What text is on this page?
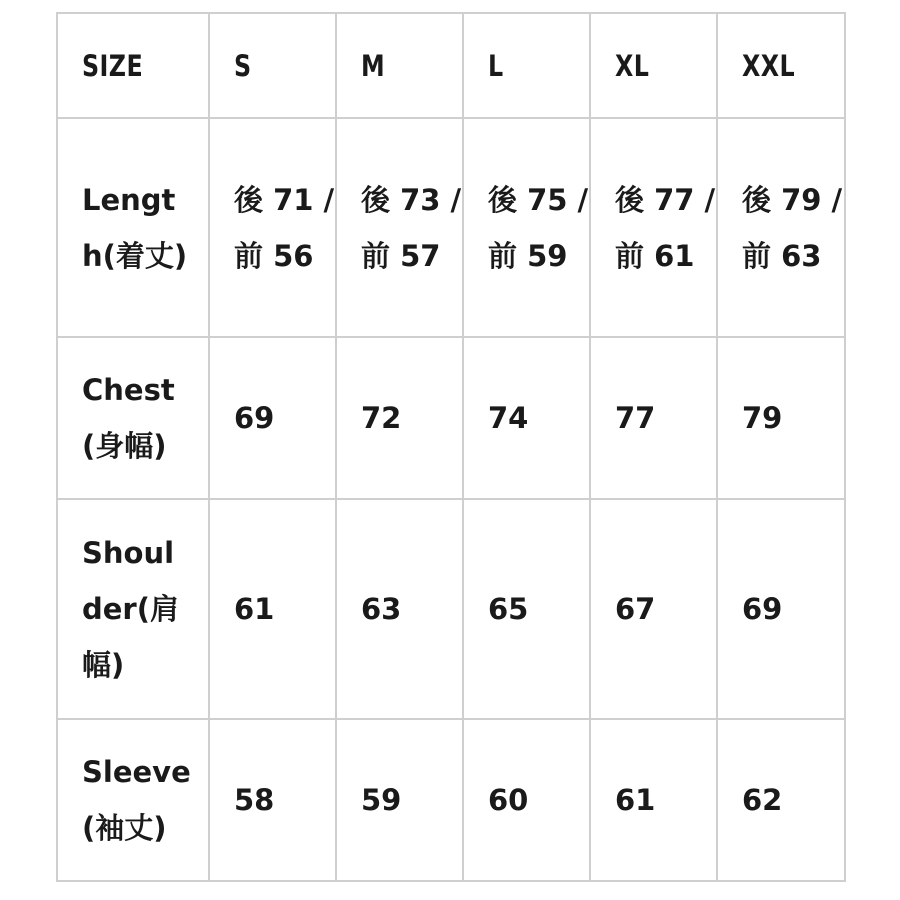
SIZE	S	M	L	XL	XXL
Length(着丈)	後 71 / 前 56	後 73 / 前 57	後 75 / 前 59	後 77 / 前 61	後 79 / 前 63
Chest(身幅)	69	72	74	77	79
Shoulder(肩幅)	61	63	65	67	69
Sleeve(袖丈)	58	59	60	61	62
